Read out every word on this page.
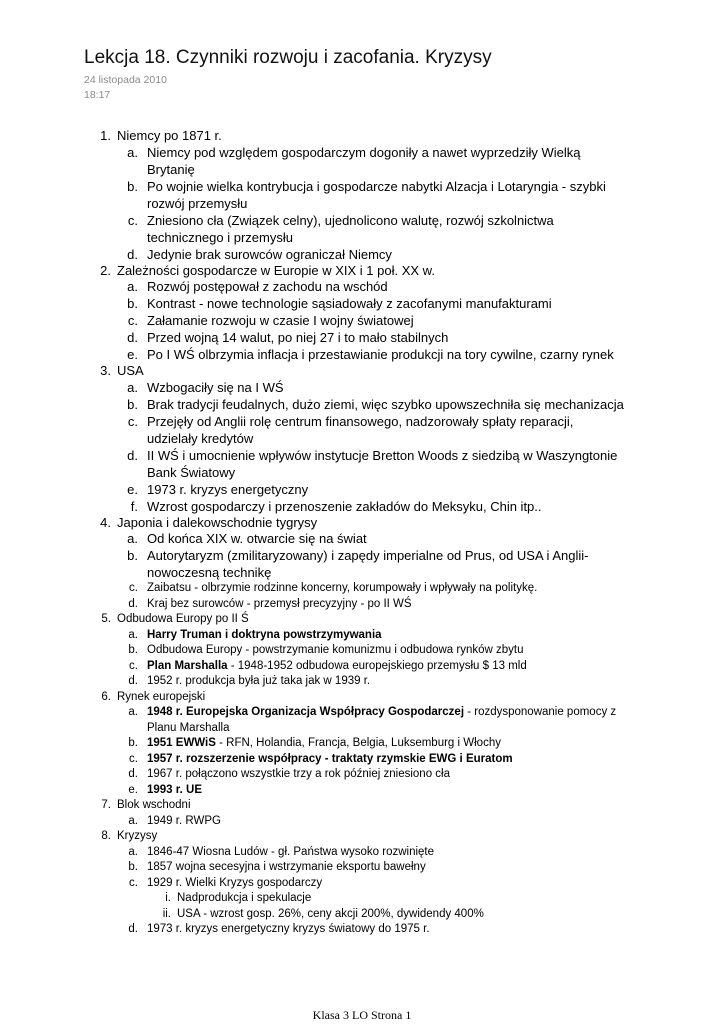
Lekcja 18. Czynniki rozwoju i zacofania. Kryzysy
24 listopada 2010
18:17
1. Niemcy po 1871 r.
a. Niemcy pod względem gospodarczym dogoniły a nawet wyprzedziły Wielką Brytanię
b. Po wojnie wielka kontrybucja i gospodarcze nabytki Alzacja i Lotaryngia - szybki rozwój przemysłu
c. Zniesiono cła (Związek celny), ujednolicono walutę, rozwój szkolnictwa technicznego i przemysłu
d. Jedynie brak surowców ograniczał Niemcy
2. Zależności gospodarcze w Europie w XIX i 1 poł. XX w.
a. Rozwój postępował z zachodu na wschód
b. Kontrast - nowe technologie sąsiadowały z zacofanymi manufakturami
c. Załamanie rozwoju w czasie I wojny światowej
d. Przed wojną 14 walut, po niej 27 i to mało stabilnych
e. Po I WŚ olbrzymia inflacja i przestawianie produkcji na tory cywilne, czarny rynek
3. USA
a. Wzbogaciły się na I WŚ
b. Brak tradycji feudalnych, dużo ziemi, więc szybko upowszechniła się mechanizacja
c. Przejęły od Anglii rolę centrum finansowego, nadzorowały spłaty reparacji, udzielały kredytów
d. II WŚ i umocnienie wpływów instytucje Bretton Woods z siedzibą w Waszyngtonie Bank Światowy
e. 1973 r. kryzys energetyczny
f. Wzrost gospodarczy i przenoszenie zakładów do Meksyku, Chin itp..
4. Japonia i dalekowschodnie tygrysy
a. Od końca XIX w. otwarcie się na świat
b. Autorytaryzm (zmilitaryzowany) i zapędy imperialne od Prus, od USA i Anglii- nowoczesną technikę
c. Zaibatsu - olbrzymie rodzinne koncerny, korumpowały i wpływały na politykę.
d. Kraj bez surowców - przemysł precyzyjny - po II WŚ
5. Odbudowa Europy po II Ś
a. Harry Truman i doktryna powstrzymywania
b. Odbudowa Europy - powstrzymanie komunizmu i odbudowa rynków zbytu
c. Plan Marshalla - 1948-1952 odbudowa europejskiego przemysłu $ 13 mld
d. 1952 r. produkcja była już taka jak w 1939 r.
6. Rynek europejski
a. 1948 r. Europejska Organizacja Współpracy Gospodarczej - rozdysponowanie pomocy z Planu Marshalla
b. 1951 EWWiS - RFN, Holandia, Francja, Belgia, Luksemburg i Włochy
c. 1957 r. rozszerzenie współpracy - traktaty rzymskie EWG i Euratom
d. 1967 r. połączono wszystkie trzy a rok później zniesiono cła
e. 1993 r. UE
7. Blok wschodni
a. 1949 r. RWPG
8. Kryzysy
a. 1846-47 Wiosna Ludów - gł. Państwa wysoko rozwinięte
b. 1857 wojna secesyjna i wstrzymanie eksportu bawełny
c. 1929 r. Wielki Kryzys gospodarczy
i. Nadprodukcja i spekulacje
ii. USA - wzrost gosp. 26%, ceny akcji 200%, dywidendy 400%
d. 1973 r. kryzys energetyczny kryzys światowy do 1975 r.
Klasa 3 LO Strona 1
